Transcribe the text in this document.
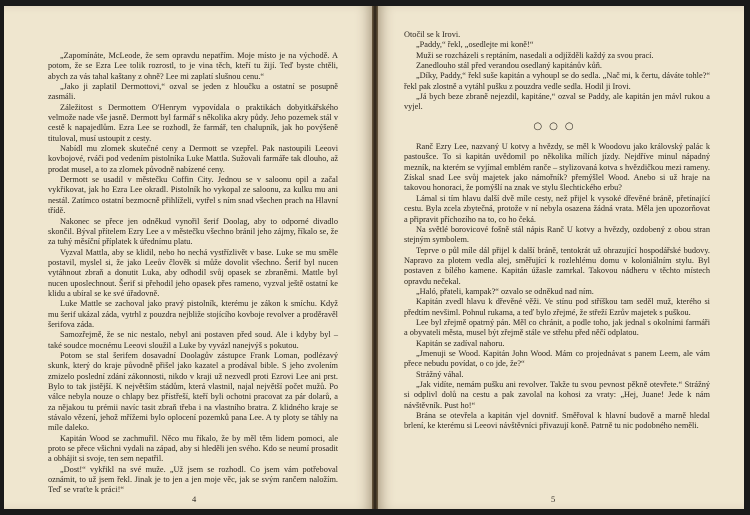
„Zapomínáte, McLeode, že sem opravdu nepatřím. Moje místo je na východě. A potom, že se Ezra Lee tolik rozrostl, to je vina těch, kteří tu žijí. Teď byste chtěli, abych za vás tahal kaštany z ohně? Lee mi zaplatí slušnou cenu.“

„Jako ji zaplatil Dermottovi,“ ozval se jeden z hloučku a ostatní se posupně zasmáli.

Záležitost s Dermottem O'Henrym vypovídala o praktikách dobyitkářského velmože nade vše jasně. Dermott byl farmář s několika akry půdy. Jeho pozemek stál v cestě k napajedlům. Ezra Lee se rozhodl, že farmář, ten chalupník, jak ho povýšeně tituloval, musí ustoupit z cesty.

Nabídl mu zlomek skutečné ceny a Dermott se vzepřel. Pak nastoupili Leeovi kovbojové, rváči pod vedením pistolníka Luke Mattla. Sužovali farmáře tak dlouho, až prodat musel, a to za zlomek původně nabízené ceny.

Dermott se usadil v městečku Coffin City. Jednou se v saloonu opil a začal vykřikovat, jak ho Ezra Lee okradl. Pistolník ho vykopal ze saloonu, za kulku mu ani nestál. Zatímco ostatní bezmocně přihlíželi, vytřel s ním snad všechen prach na Hlavní třídě.

Nakonec se přece jen odněkud vynořil šerif Doolag, aby to odporné divadlo skončil. Býval přítelem Ezry Lee a v městečku všechno bránil jeho zájmy, říkalo se, že za tuhý měsíční příplatek k úřednímu platu.

Vyzval Mattla, aby se klidil, nebo ho nechá vystřízlivět v base. Luke se mu směle postavil, myslel si, že jako Leeův člověk si může dovolit všechno. Šerif byl nucen vytáhnout zbraň a donutit Luka, aby odhodil svůj opasek se zbraněmi. Mattle byl nucen uposlechnout. Šerif si přehodil jeho opasek přes rameno, vyzval ještě ostatní ke klidu a ubíral se ke své úřadovně.

Luke Mattle se zachoval jako pravý pistolník, kterému je zákon k smíchu. Když mu šerif ukázal záda, vytrhl z pouzdra nejbliže stojícího kovboje revolver a proděravěl šerifova záda.

Samozřejmě, že se nic nestalo, nebyl ani postaven před soud. Ale i kdyby byl – také soudce mocnému Leeovi sloužil a Luke by vyvázl nanejvýš s pokutou.

Potom se stal šerifem dosavadní Doolagův zástupce Frank Loman, podlézavý skunk, který do kraje původně přišel jako kazatel a prodával bible. S jeho zvolením zmizelo poslední zdání zákonnosti, nikdo v kraji už nezvedl proti Ezrovi Lee ani prst. Bylo to tak jistější. K největším stádům, která vlastnil, najal největší počet mužů. Po válce nebyla nouze o chlapy bez přístřeší, kteří byli ochotni pracovat za pár dolarů, a za nějakou tu prémii navíc tasit zbraň třeba i na vlastního bratra. Z klidného kraje se stávalo vězení, jehož mřížemi bylo oplocení pozemků pana Lee. A ty ploty se táhly na míle daleko.

Kapitán Wood se zachmuřil. Něco mu říkalo, že by měl těm lidem pomoci, ale proto se přece všichni vydali na západ, aby si hleděli jen svého. Kdo se neumí prosadit a obhájit si svoje, ten sem nepatřil.

„Dost!“ vykřikl na své muže. „Už jsem se rozhodl. Co jsem vám potřeboval oznámit, to už jsem řekl. Jinak je to jen a jen moje věc, jak se svým rančem naložím. Teď se vraťte k práci!“

4

Otočil se k Irovi.

„Paddy,“ řekl, „osedlejte mi koně!“

Muži se rozcházeli s reptáním, nasedali a odjížděli každý za svou prací.

Zanedlouho stál před verandou osedlaný kapitánův kůň.

„Díky, Paddy,“ řekl suše kapitán a vyhoupl se do sedla. „Nač mi, k čertu, dáváte tohle?“ řekl pak zlostně a vytáhl pušku z pouzdra vedle sedla. Hodil ji Irovi.

„Já bych beze zbraně nejezdil, kapitáne,“ ozval se Paddy, ale kapitán jen mávl rukou a vyjel.

○○○

Ranč Ezry Lee, nazvaný U kotvy a hvězdy, se měl k Woodovu jako královský palác k pastoušce. To si kapitán uvědomil po několika mílích jízdy. Nejdříve minul nápadný mezník, na kterém se vyjímal emblém ranče – stylizovaná kotva s hvězdičkou mezi rameny. Získal snad Lee svůj majetek jako námořník? přemýšlel Wood. Anebo si už hraje na takovou honoraci, že pomýšlí na znak ve stylu šlechtického erbu?

Lámal si tím hlavu další dvě míle cesty, než přijel k vysoké dřevěné bráně, přetínající cestu. Byla zcela zbytečná, protože v ní nebyla osazena žádná vrata. Měla jen upozorňovat a připravit příchozího na to, co ho čeká.

Na světlé borovicové fošně stál nápis Ranč U kotvy a hvězdy, ozdobený z obou stran stejným symbolem.

Teprve o půl míle dál přijel k další bráně, tentokrát už ohrazující hospodářské budovy. Napravo za plotem vedla alej, směřující k rozlehlému domu v koloniálním stylu. Byl postaven z bílého kamene. Kapitán úžasle zamrkal. Takovou nádheru v těchto místech opravdu nečekal.

„Haló, přateli, kampak?“ ozvalo se odněkud nad ním.

Kapitán zvedl hlavu k dřevěné věži. Ve stínu pod stříškou tam seděl muž, kterého si předtím nevšiml. Pohnul rukama, a teď bylo zřejmé, že střeží Ezrův majetek s puškou.

Lee byl zřejmě opatrný pán. Měl co chránit, a podle toho, jak jednal s okolními farmáři a obyvateli města, musel být zřejmě stále ve střehu před něčí odplatou.

Kapitán se zadíval nahoru.

„Jmenuji se Wood. Kapitán John Wood. Mám co projednávat s panem Leem, ale vám přece nebudu povídat, o co jde, že?“

Strážný váhal.

„Jak vidíte, nemám pušku ani revolver. Takže tu svou pevnost pěkně otevřete.“ Strážný si odplivl dolů na cestu a pak zavolal na kohosi za vraty: „Hej, Juane! Jede k nám návštěvník. Pust ho!“

Brána se otevřela a kapitán vjel dovnitř. Směřoval k hlavní budově a marně hledal brlení, ke kterému si Leeovi návštěvníci přivazují koně. Patrně tu nic podobného neměli.

5
